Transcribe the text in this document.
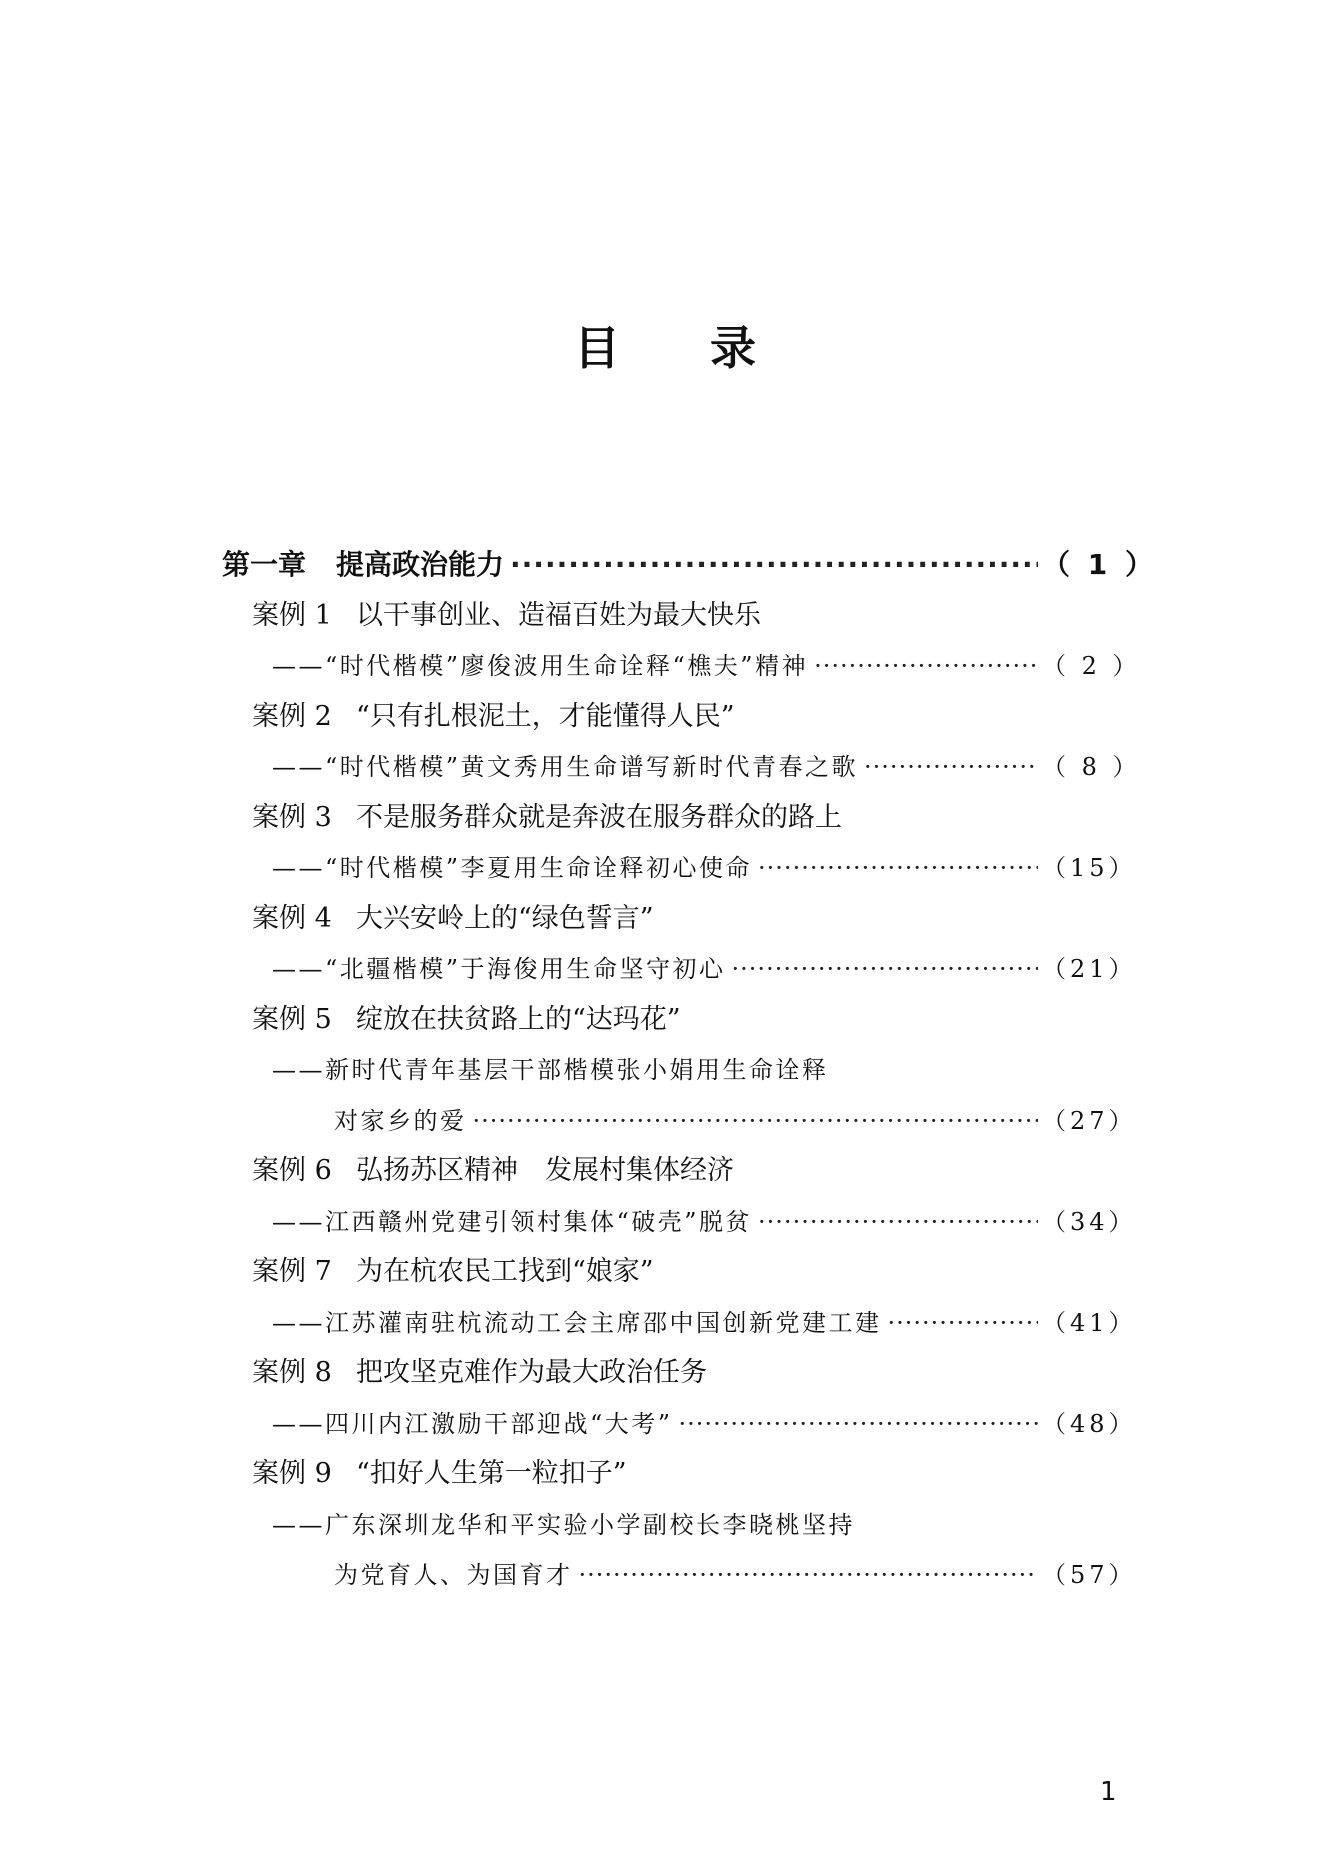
目录
第一章 提高政治能力 ·····	（ 1 ）
案例 1 以干事创业、造福百姓为最大快乐
——“时代楷模”廖俊波用生命诠释“樵夫”精神 ·····	（ 2 ）
案例 2 “只有扎根泥土，才能懂得人民”
——“时代楷模”黄文秀用生命谱写新时代青春之歌 ·····	（ 8 ）
案例 3 不是服务群众就是奔波在服务群众的路上
——“时代楷模”李夏用生命诠释初心使命 ·····	（15）
案例 4 大兴安岭上的“绿色誓言”
——“北疆楷模”于海俊用生命坚守初心 ·····	（21）
案例 5 绽放在扶贫路上的“达玛花”
——新时代青年基层干部楷模张小娟用生命诠释
对家乡的爱 ·····	（27）
案例 6 弘扬苏区精神　发展村集体经济
——江西赣州党建引领村集体“破壳”脱贫 ·····	（34）
案例 7 为在杭农民工找到“娘家”
——江苏灌南驻杭流动工会主席邵中国创新党建工建 ·····	（41）
案例 8 把攻坚克难作为最大政治任务
——四川内江激励干部迎战“大考” ·····	（48）
案例 9 “扣好人生第一粒扣子”
——广东深圳龙华和平实验小学副校长李晓桃坚持
为党育人、为国育才 ·····	（57）
1
